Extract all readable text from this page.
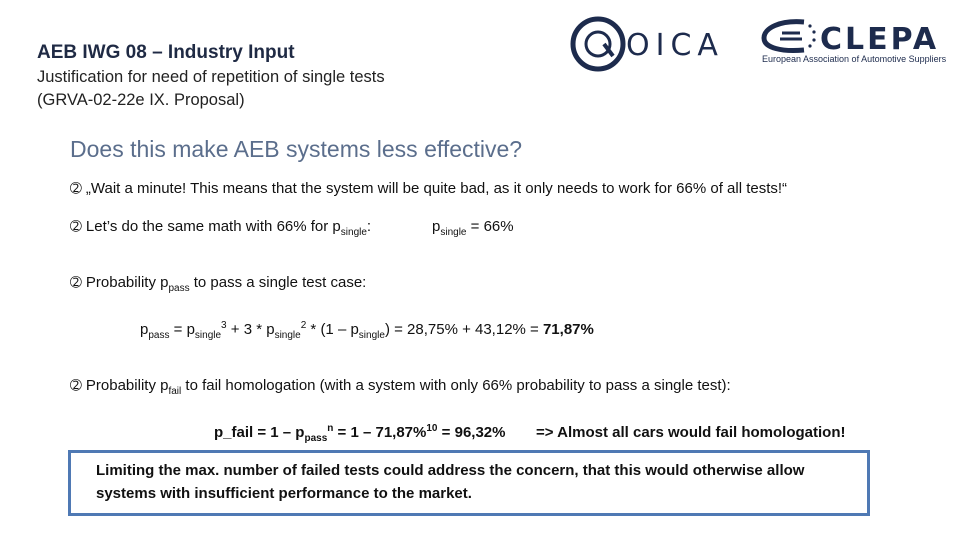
AEB IWG 08 – Industry Input
Justification for need of repetition of single tests
(GRVA-02-22e IX. Proposal)
OICA	CLEPA
European Association of Automotive Suppliers
Does this make AEB systems less effective?
➁ „Wait a minute! This means that the system will be quite bad, as it only needs to work for 66% of all tests!“
➁ Let’s do the same math with 66% for $p_{single}$:	$p_{single} = 66\%$
➁ Probability $p_{pass}$ to pass a single test case:
$p_{pass} = p_{single}^3 + 3 * p_{single}^2 * (1 - p_{single}) = 28,75\% + 43,12\% = 71,87\%$
➁ Probability $p_{fail}$ to fail homologation (with a system with only 66% probability to pass a single test):
p_fail = $1 - p_{pass}^n = 1 - 71,87\%^{10} = 96,32\%$ => Almost all cars would fail homologation!
Limiting the max. number of failed tests could address the concern, that this would otherwise allow systems with insufficient performance to the market.
